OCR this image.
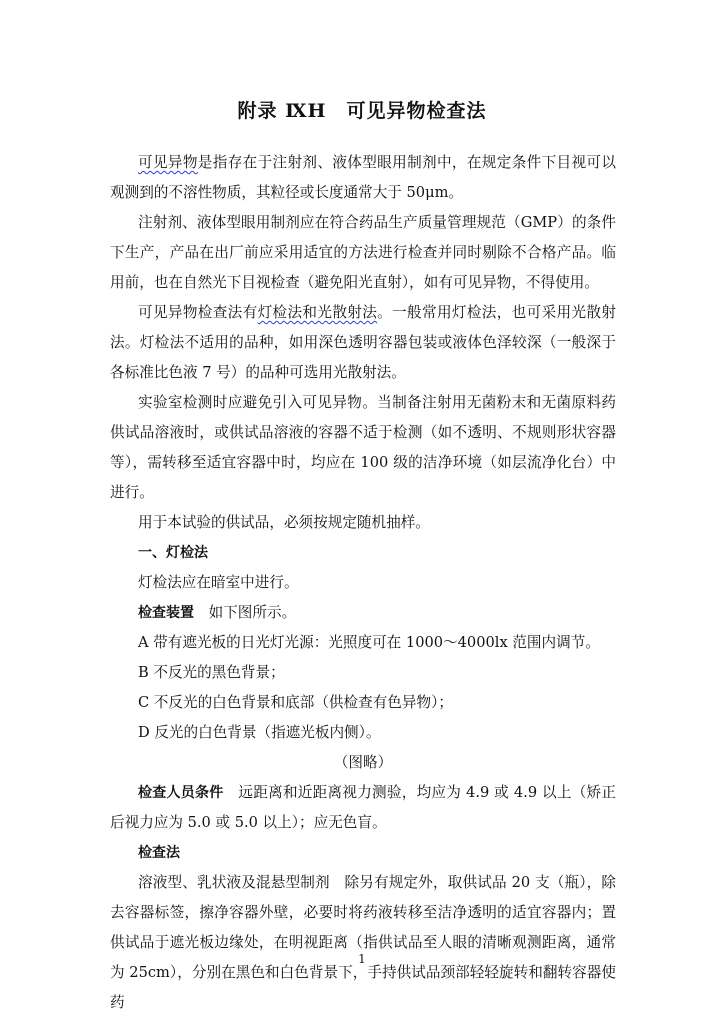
附录 ⅨH　可见异物检查法

可见异物是指存在于注射剂、液体型眼用制剂中，在规定条件下目视可以观测到的不溶性物质，其粒径或长度通常大于 50μm。

注射剂、液体型眼用制剂应在符合药品生产质量管理规范（GMP）的条件下生产，产品在出厂前应采用适宜的方法进行检查并同时剔除不合格产品。临用前，也在自然光下目视检查（避免阳光直射），如有可见异物，不得使用。

可见异物检查法有灯检法和光散射法。一般常用灯检法，也可采用光散射法。灯检法不适用的品种，如用深色透明容器包装或液体色泽较深（一般深于各标准比色液 7 号）的品种可选用光散射法。

实验室检测时应避免引入可见异物。当制备注射用无菌粉末和无菌原料药供试品溶液时，或供试品溶液的容器不适于检测（如不透明、不规则形状容器等），需转移至适宜容器中时，均应在 100 级的洁净环境（如层流净化台）中进行。

用于本试验的供试品，必须按规定随机抽样。

一、灯检法

灯检法应在暗室中进行。

检查装置　如下图所示。

A 带有遮光板的日光灯光源：光照度可在 1000～4000lx 范围内调节。

B 不反光的黑色背景；

C 不反光的白色背景和底部（供检查有色异物）；

D 反光的白色背景（指遮光板内侧）。

（图略）

检查人员条件　远距离和近距离视力测验，均应为 4.9 或 4.9 以上（矫正后视力应为 5.0 或 5.0 以上）；应无色盲。

检查法

溶液型、乳状液及混悬型制剂　除另有规定外，取供试品 20 支（瓶），除去容器标签，擦净容器外壁，必要时将药液转移至洁净透明的适宜容器内；置供试品于遮光板边缘处，在明视距离（指供试品至人眼的清晰观测距离，通常为 25cm），分别在黑色和白色背景下，手持供试品颈部轻轻旋转和翻转容器使药

1
